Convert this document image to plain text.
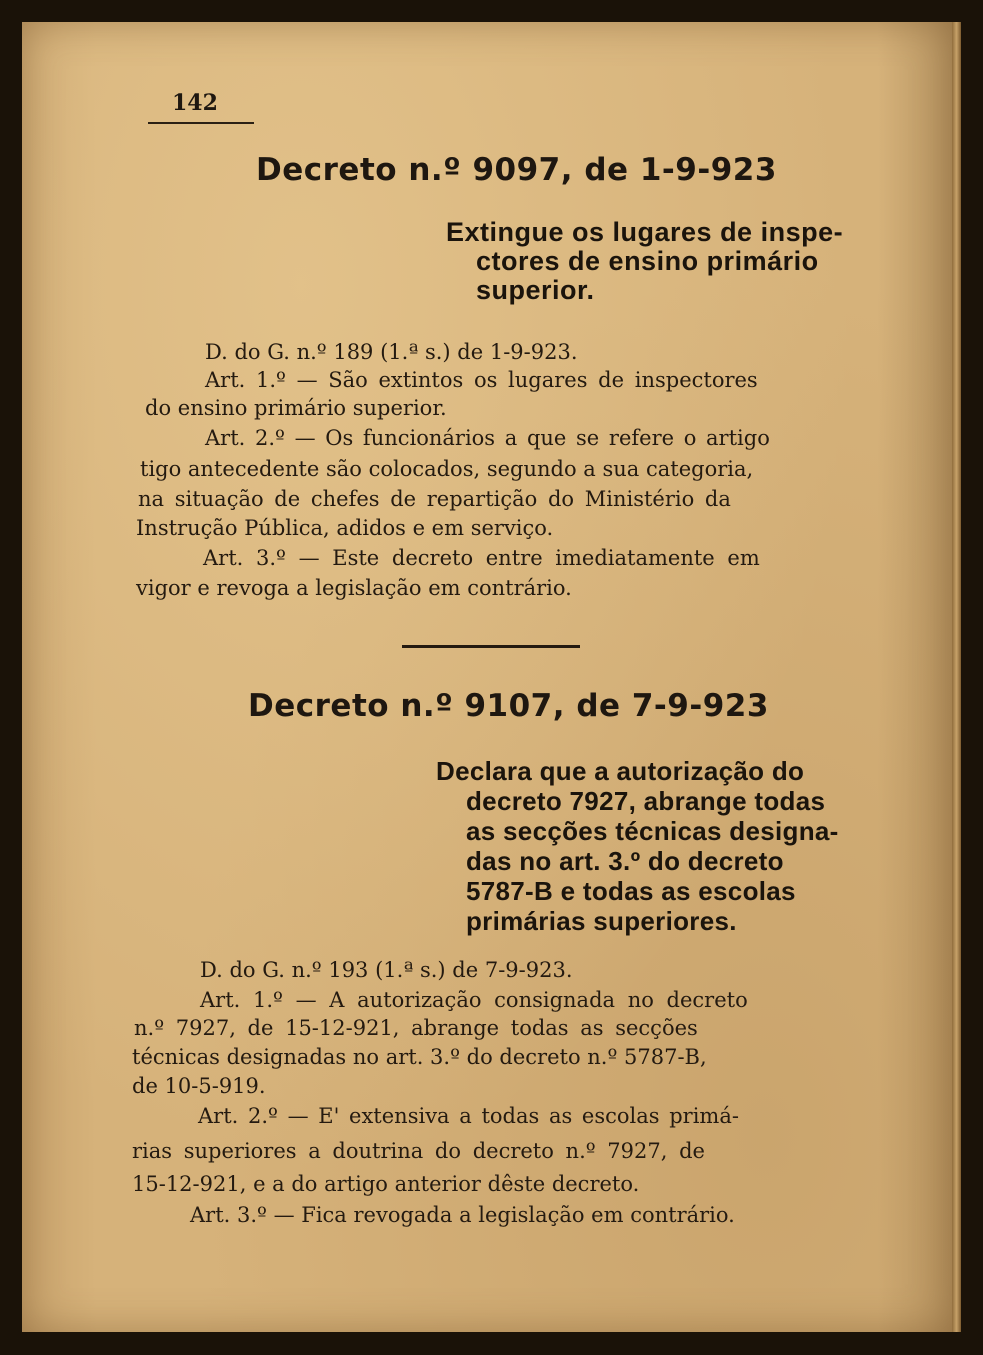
142
Decreto n.º 9097, de 1-9-923
Extingue os lugares de inspe-
ctores de ensino primário
superior.
D. do G. n.º 189 (1.ª s.) de 1-9-923.
Art. 1.º — São extintos os lugares de inspectores
do ensino primário superior.
Art. 2.º — Os funcionários a que se refere o artigo
tigo antecedente são colocados, segundo a sua categoria,
na situação de chefes de repartição do Ministério da
Instrução Pública, adidos e em serviço.
Art. 3.º — Este decreto entre imediatamente em
vigor e revoga a legislação em contrário.
Decreto n.º 9107, de 7-9-923
Declara que a autorização do
decreto 7927, abrange todas
as secções técnicas designa-
das no art. 3.º do decreto
5787-B e todas as escolas
primárias superiores.
D. do G. n.º 193 (1.ª s.) de 7-9-923.
Art. 1.º — A autorização consignada no decreto
n.º 7927, de 15-12-921, abrange todas as secções
técnicas designadas no art. 3.º do decreto n.º 5787-B,
de 10-5-919.
Art. 2.º — E' extensiva a todas as escolas primá-
rias superiores a doutrina do decreto n.º 7927, de
15-12-921, e a do artigo anterior dêste decreto.
Art. 3.º — Fica revogada a legislação em contrário.
